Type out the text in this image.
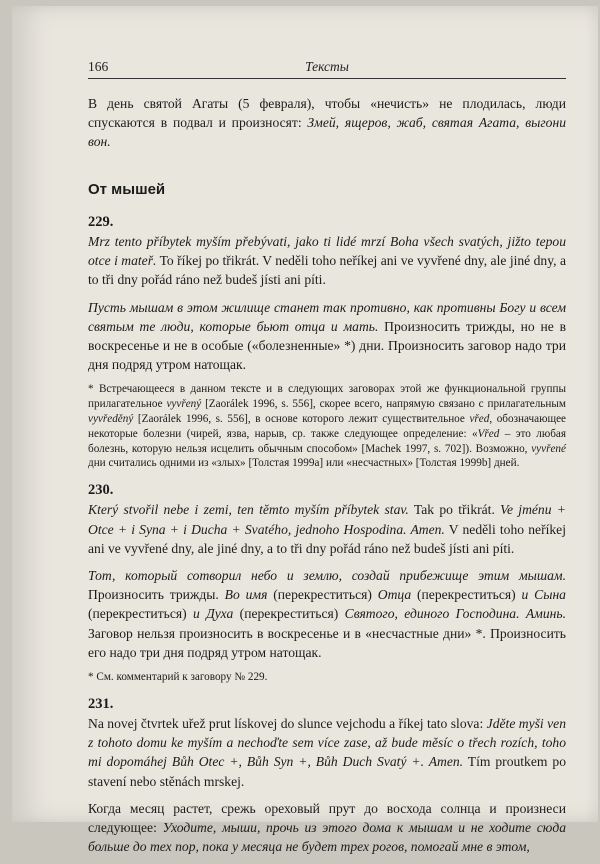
166	Тексты

В день святой Агаты (5 февраля), чтобы «нечисть» не плодилась, люди спускаются в подвал и произносят: Змей, ящеров, жаб, святая Агата, выгони вон.

От мышей

229.

Mrz tento příbytek myším přebývati, jako ti lidé mrzí Boha všech svatých, jižto tepou otce i mateř. To říkej po třikrát. V neděli toho neříkej ani ve vyvřené dny, ale jiné dny, a to tři dny pořád ráno než budeš jísti ani píti.

Пусть мышам в этом жилище станет так противно, как противны Богу и всем святым те люди, которые бьют отца и мать. Произносить трижды, но не в воскресенье и не в особые («болезненные» *) дни. Произносить заговор надо три дня подряд утром натощак.

* Встречающееся в данном тексте и в следующих заговорах этой же функциональной группы прилагательное vyvřený [Zaorálek 1996, s. 556], скорее всего, напрямую связано с прилагательным vyvředěný [Zaorálek 1996, s. 556], в основе которого лежит существительное vřed, обозначающее некоторые болезни (чирей, язва, нарыв, ср. также следующее определение: «Vřed – это любая болезнь, которую нельзя исцелить обычным способом» [Machek 1997, s. 702]). Возможно, vyvřené дни считались одними из «злых» [Толстая 1999а] или «несчастных» [Толстая 1999b] дней.

230.

Který stvořil nebe i zemi, ten tĕmto myším příbytek stav. Tak po třikrát. Ve jménu + Otce + i Syna + i Ducha + Svatého, jednoho Hospodina. Amen. V neděli toho neříkej ani ve vyvřené dny, ale jiné dny, a to tři dny pořád ráno než budeš jísti ani píti.

Тот, который сотворил небо и землю, создай прибежище этим мышам. Произносить трижды. Во имя (перекреститься) Отца (перекреститься) и Сына (перекреститься) и Духа (перекреститься) Святого, единого Господина. Аминь. Заговор нельзя произносить в воскресенье и в «несчастные дни» *. Произносить его надо три дня подряд утром натощак.

* См. комментарий к заговору № 229.

231.

Na novej čtvrtek uřež prut lískovej do slunce vejchodu a říkej tato slova: Jděte myši ven z tohoto domu ke myším a nechoďte sem více zase, až bude měsíc o třech rozích, toho mi dopomáhej Bůh Otec +, Bůh Syn +, Bůh Duch Svatý +. Amen. Tím proutkem po stavení nebo stěnách mrskej.

Когда месяц растет, срежь ореховый прут до восхода солнца и произнеси следующее: Уходите, мыши, прочь из этого дома к мышам и не ходите сюда больше до тех пор, пока у месяца не будет трех рогов, помогай мне в этом,
